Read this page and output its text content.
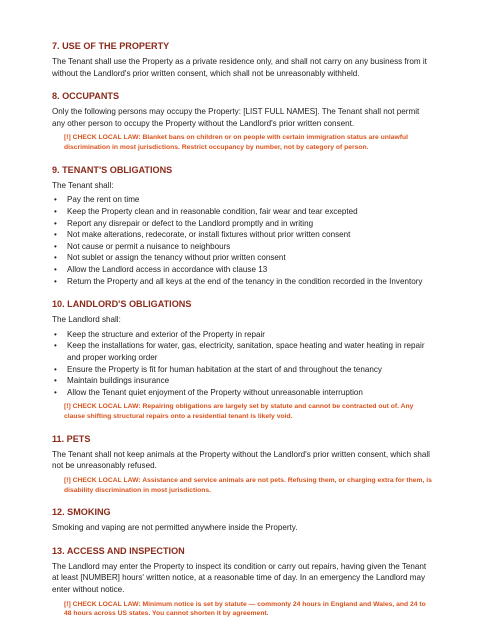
7. USE OF THE PROPERTY

The Tenant shall use the Property as a private residence only, and shall not carry on any business from it without the Landlord's prior written consent, which shall not be unreasonably withheld.

8. OCCUPANTS

Only the following persons may occupy the Property: [LIST FULL NAMES]. The Tenant shall not permit any other person to occupy the Property without the Landlord's prior written consent.

[!] CHECK LOCAL LAW: Blanket bans on children or on people with certain immigration status are unlawful discrimination in most jurisdictions. Restrict occupancy by number, not by category of person.
9. TENANT'S OBLIGATIONS

The Tenant shall:

• Pay the rent on time
• Keep the Property clean and in reasonable condition, fair wear and tear excepted
• Report any disrepair or defect to the Landlord promptly and in writing
• Not make alterations, redecorate, or install fixtures without prior written consent
• Not cause or permit a nuisance to neighbours
• Not sublet or assign the tenancy without prior written consent
• Allow the Landlord access in accordance with clause 13
• Return the Property and all keys at the end of the tenancy in the condition recorded in the Inventory
10. LANDLORD'S OBLIGATIONS

The Landlord shall:

• Keep the structure and exterior of the Property in repair
• Keep the installations for water, gas, electricity, sanitation, space heating and water heating in repair and proper working order
• Ensure the Property is fit for human habitation at the start of and throughout the tenancy
• Maintain buildings insurance
• Allow the Tenant quiet enjoyment of the Property without unreasonable interruption
[!] CHECK LOCAL LAW: Repairing obligations are largely set by statute and cannot be contracted out of. Any clause shifting structural repairs onto a residential tenant is likely void.
11. PETS

The Tenant shall not keep animals at the Property without the Landlord's prior written consent, which shall not be unreasonably refused.

[!] CHECK LOCAL LAW: Assistance and service animals are not pets. Refusing them, or charging extra for them, is disability discrimination in most jurisdictions.
12. SMOKING

Smoking and vaping are not permitted anywhere inside the Property.

13. ACCESS AND INSPECTION

The Landlord may enter the Property to inspect its condition or carry out repairs, having given the Tenant at least [NUMBER] hours' written notice, at a reasonable time of day. In an emergency the Landlord may enter without notice.

[!] CHECK LOCAL LAW: Minimum notice is set by statute — commonly 24 hours in England and Wales, and 24 to 48 hours across US states. You cannot shorten it by agreement.
